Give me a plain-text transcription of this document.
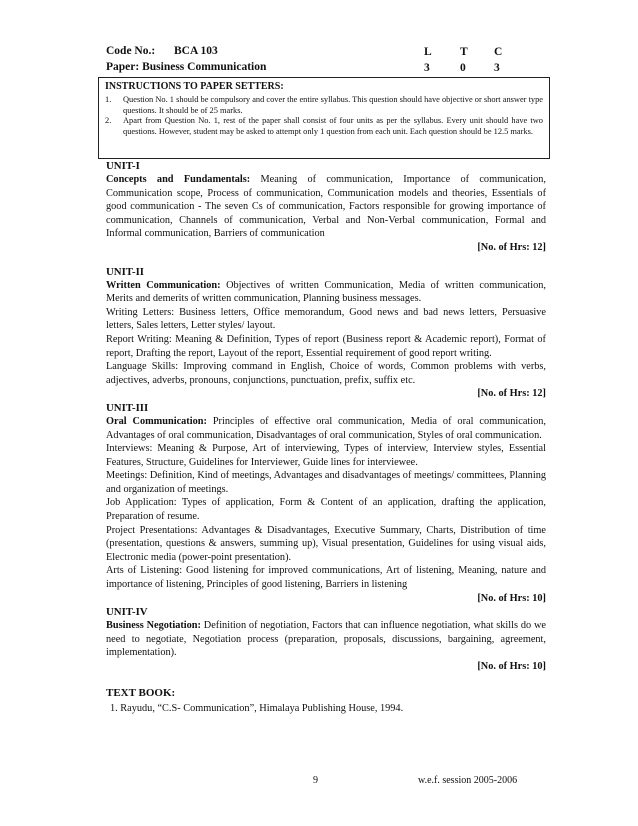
Code No.: BCA 103
Paper: Business Communication
L T C
3	0 3
INSTRUCTIONS TO PAPER SETTERS:
1. Question No. 1 should be compulsory and cover the entire syllabus. This question should have objective or short answer type questions. It should be of 25 marks.
2. Apart from Question No. 1, rest of the paper shall consist of four units as per the syllabus. Every unit should have two questions. However, student may be asked to attempt only 1 question from each unit. Each question should be 12.5 marks.
UNIT-I

Concepts and Fundamentals: Meaning of communication, Importance of communication, Communication scope, Process of communication, Communication models and theories, Essentials of good communication - The seven Cs of communication, Factors responsible for growing importance of communication, Channels of communication, Verbal and Non-Verbal communication, Formal and Informal communication, Barriers of communication

[No. of Hrs: 12]
UNIT-II

Written Communication: Objectives of written Communication, Media of written communication, Merits and demerits of written communication, Planning business messages.

Writing Letters: Business letters, Office memorandum, Good news and bad news letters, Persuasive letters, Sales letters, Letter styles/ layout.

Report Writing: Meaning & Definition, Types of report (Business report & Academic report), Format of report, Drafting the report, Layout of the report, Essential requirement of good report writing.

Language Skills: Improving command in English, Choice of words, Common problems with verbs, adjectives, adverbs, pronouns, conjunctions, punctuation, prefix, suffix etc.

[No. of Hrs: 12]
UNIT-III

Oral Communication: Principles of effective oral communication, Media of oral communication, Advantages of oral communication, Disadvantages of oral communication, Styles of oral communication.

Interviews: Meaning & Purpose, Art of interviewing, Types of interview, Interview styles, Essential Features, Structure, Guidelines for Interviewer, Guide lines for interviewee.

Meetings: Definition, Kind of meetings, Advantages and disadvantages of meetings/ committees, Planning and organization of meetings.

Job Application: Types of application, Form & Content of an application, drafting the application, Preparation of resume.

Project Presentations: Advantages & Disadvantages, Executive Summary, Charts, Distribution of time (presentation, questions & answers, summing up), Visual presentation, Guidelines for using visual aids, Electronic media (power-point presentation).

Arts of Listening: Good listening for improved communications, Art of listening, Meaning, nature and importance of listening, Principles of good listening, Barriers in listening

[No. of Hrs: 10]
UNIT-IV

Business Negotiation: Definition of negotiation, Factors that can influence negotiation, what skills do we need to negotiate, Negotiation process (preparation, proposals, discussions, bargaining, agreement, implementation).

[No. of Hrs: 10]
TEXT BOOK:
1. Rayudu, “C.S- Communication”, Himalaya Publishing House, 1994.
9	w.e.f. session 2005-2006
